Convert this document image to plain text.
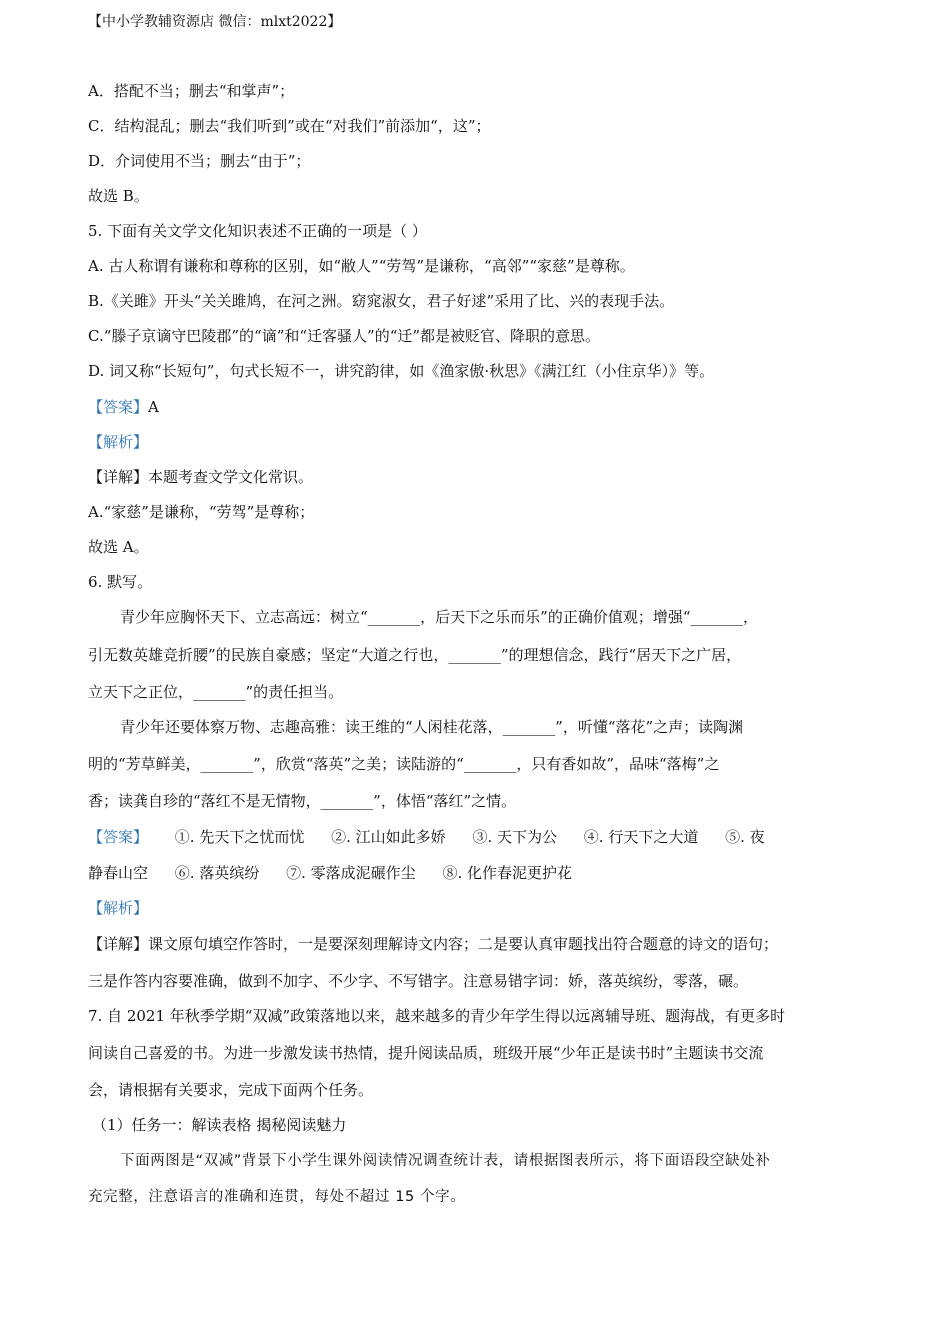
【中小学教辅资源店 微信：mlxt2022】
A．搭配不当；删去“和掌声”；
C．结构混乱；删去“我们听到”或在“对我们”前添加“，这”；
D．介词使用不当；删去“由于”；
故选 B。
5. 下面有关文学文化知识表述不正确的一项是（ ）
A. 古人称谓有谦称和尊称的区别，如“敝人”“劳驾”是谦称，“高邻”“家慈”是尊称。
B.《关雎》开头“关关雎鸠，在河之洲。窈窕淑女，君子好逑”采用了比、兴的表现手法。
C.“滕子京谪守巴陵郡”的“谪”和“迁客骚人”的“迁”都是被贬官、降职的意思。
D. 词又称“长短句”，句式长短不一，讲究韵律，如《渔家傲·秋思》《满江红（小住京华）》等。
【答案】A
【解析】
【详解】本题考查文学文化常识。
A.“家慈”是谦称，“劳驾”是尊称；
故选 A。
6. 默写。
青少年应胸怀天下、立志高远：树立“_______，后天下之乐而乐”的正确价值观；增强“_______，
引无数英雄竞折腰”的民族自豪感；坚定“大道之行也，_______”的理想信念，践行“居天下之广居，
立天下之正位，_______”的责任担当。
青少年还要体察万物、志趣高雅：读王维的“人闲桂花落，_______”，听懂“落花”之声；读陶渊
明的“芳草鲜美，_______”，欣赏“落英”之美；读陆游的“_______，只有香如故”，品味“落梅”之
香；读龚自珍的“落红不是无情物，_______”，体悟“落红”之情。
【答案】 ①. 先天下之忧而忧 ②. 江山如此多娇 ③. 天下为公 ④. 行天下之大道 ⑤. 夜
静春山空 ⑥. 落英缤纷 ⑦. 零落成泥碾作尘 ⑧. 化作春泥更护花
【解析】
【详解】课文原句填空作答时，一是要深刻理解诗文内容；二是要认真审题找出符合题意的诗文的语句；
三是作答内容要准确，做到不加字、不少字、不写错字。注意易错字词：娇，落英缤纷，零落，碾。
7. 自 2021 年秋季学期“双减”政策落地以来，越来越多的青少年学生得以远离辅导班、题海战，有更多时
间读自己喜爱的书。为进一步激发读书热情，提升阅读品质，班级开展“少年正是读书时”主题读书交流
会，请根据有关要求，完成下面两个任务。
（1）任务一：解读表格 揭秘阅读魅力
下面两图是“双减”背景下小学生课外阅读情况调查统计表，请根据图表所示，将下面语段空缺处补
充完整，注意语言的准确和连贯，每处不超过 15 个字。
